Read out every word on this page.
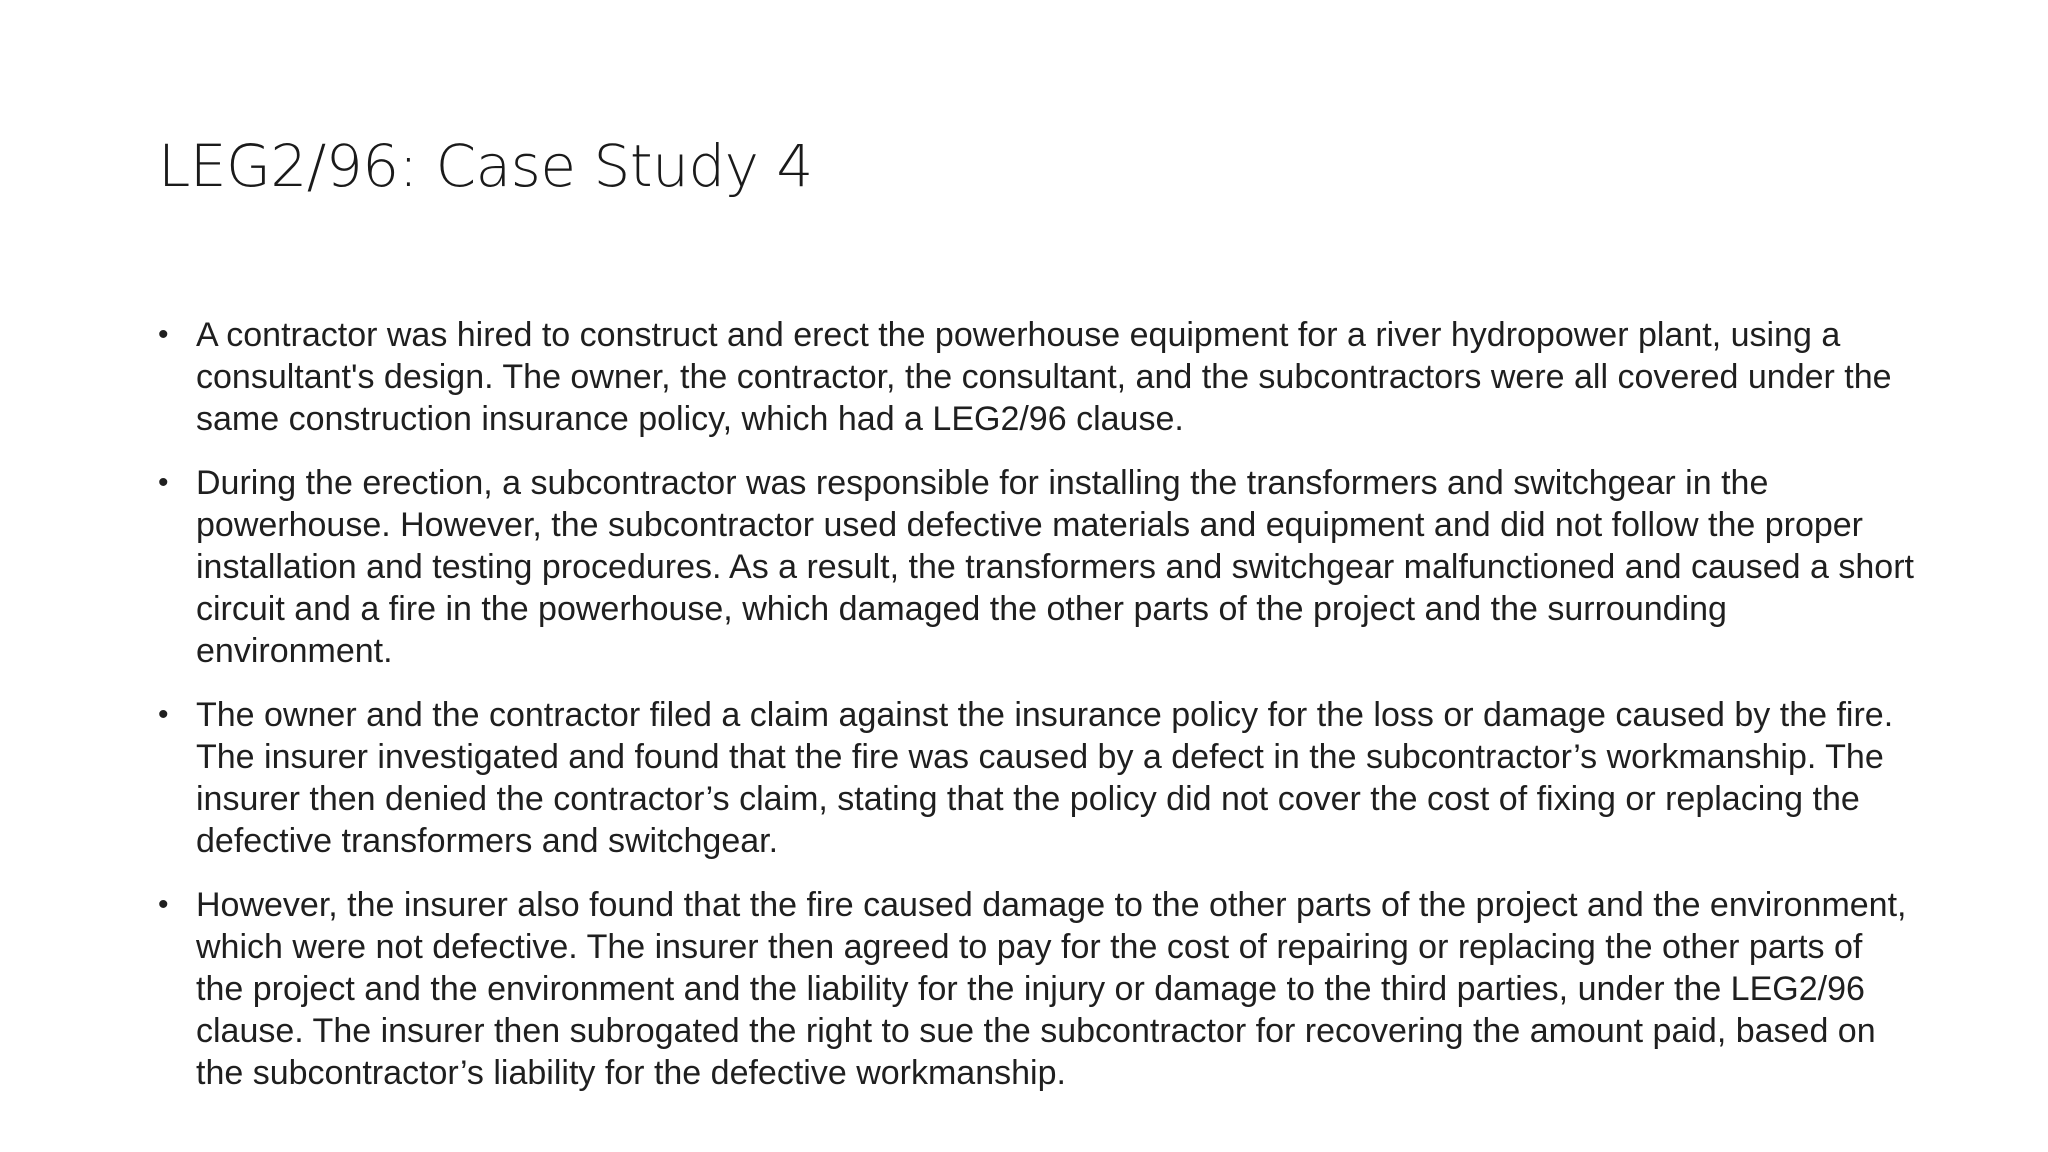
LEG2/96: Case Study 4
• A contractor was hired to construct and erect the powerhouse equipment for a river hydropower plant, using a consultant's design. The owner, the contractor, the consultant, and the subcontractors were all covered under the same construction insurance policy, which had a LEG2/96 clause.
• During the erection, a subcontractor was responsible for installing the transformers and switchgear in the powerhouse. However, the subcontractor used defective materials and equipment and did not follow the proper installation and testing procedures. As a result, the transformers and switchgear malfunctioned and caused a short circuit and a fire in the powerhouse, which damaged the other parts of the project and the surrounding environment.
• The owner and the contractor filed a claim against the insurance policy for the loss or damage caused by the fire. The insurer investigated and found that the fire was caused by a defect in the subcontractor’s workmanship. The insurer then denied the contractor’s claim, stating that the policy did not cover the cost of fixing or replacing the defective transformers and switchgear.
• However, the insurer also found that the fire caused damage to the other parts of the project and the environment, which were not defective. The insurer then agreed to pay for the cost of repairing or replacing the other parts of the project and the environment and the liability for the injury or damage to the third parties, under the LEG2/96 clause. The insurer then subrogated the right to sue the subcontractor for recovering the amount paid, based on the subcontractor’s liability for the defective workmanship.
